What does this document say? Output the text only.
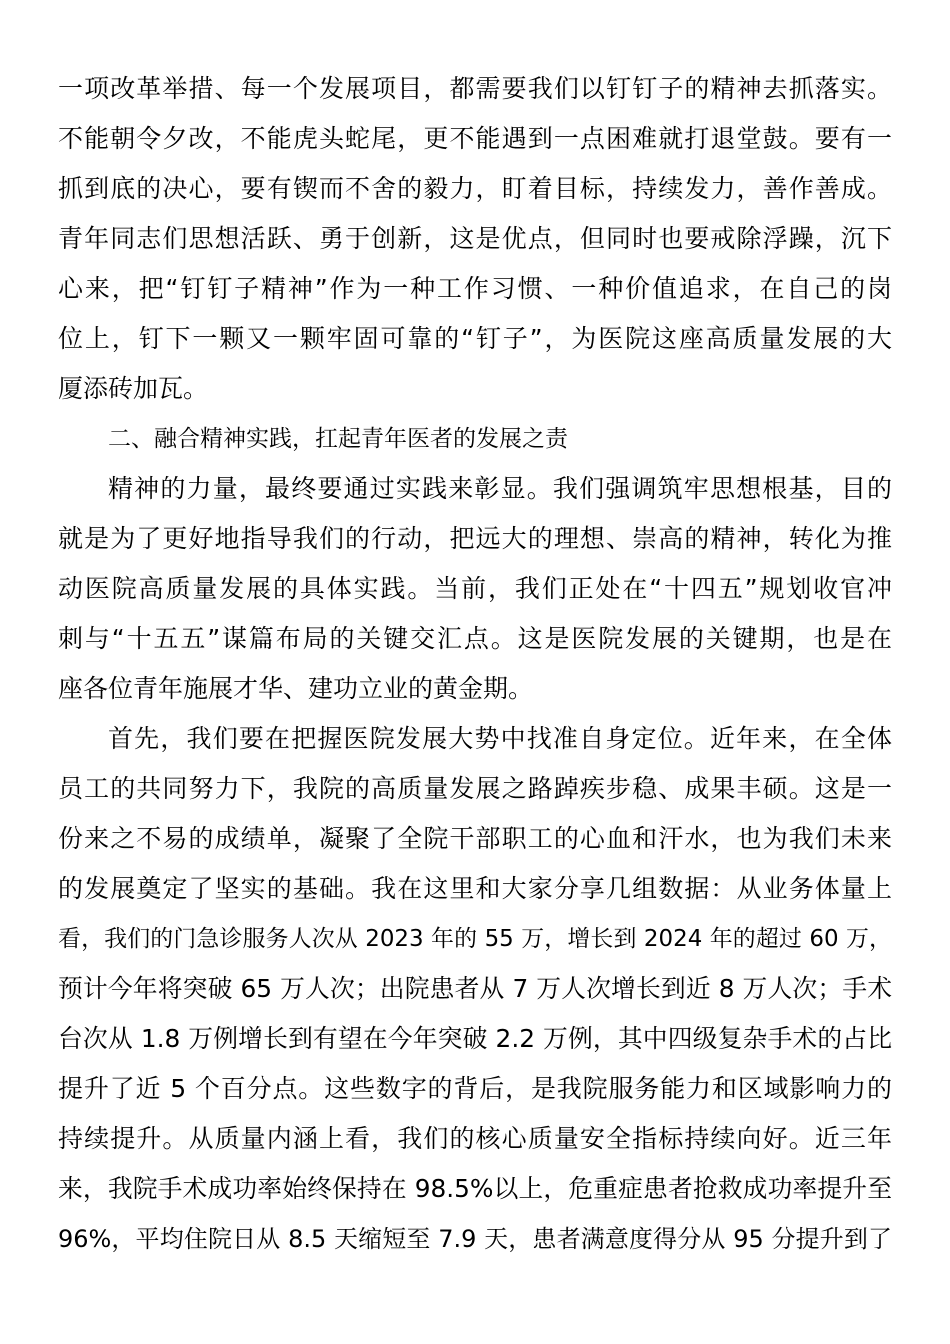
一项改革举措、每一个发展项目，都需要我们以钉钉子的精神去抓落实。
不能朝令夕改，不能虎头蛇尾，更不能遇到一点困难就打退堂鼓。要有一
抓到底的决心，要有锲而不舍的毅力，盯着目标，持续发力，善作善成。
青年同志们思想活跃、勇于创新，这是优点，但同时也要戒除浮躁，沉下
心来，把“钉钉子精神”作为一种工作习惯、一种价值追求，在自己的岗
位上，钉下一颗又一颗牢固可靠的“钉子”，为医院这座高质量发展的大
厦添砖加瓦。
二、融合精神实践，扛起青年医者的发展之责
精神的力量，最终要通过实践来彰显。我们强调筑牢思想根基，目的
就是为了更好地指导我们的行动，把远大的理想、崇高的精神，转化为推
动医院高质量发展的具体实践。当前，我们正处在“十四五”规划收官冲
刺与“十五五”谋篇布局的关键交汇点。这是医院发展的关键期，也是在
座各位青年施展才华、建功立业的黄金期。
首先，我们要在把握医院发展大势中找准自身定位。近年来，在全体
员工的共同努力下，我院的高质量发展之路踔疾步稳、成果丰硕。这是一
份来之不易的成绩单，凝聚了全院干部职工的心血和汗水，也为我们未来
的发展奠定了坚实的基础。我在这里和大家分享几组数据：从业务体量上
看，我们的门急诊服务人次从 2023 年的 55 万，增长到 2024 年的超过 60 万，
预计今年将突破 65 万人次；出院患者从 7 万人次增长到近 8 万人次；手术
台次从 1.8 万例增长到有望在今年突破 2.2 万例，其中四级复杂手术的占比
提升了近 5 个百分点。这些数字的背后，是我院服务能力和区域影响力的
持续提升。从质量内涵上看，我们的核心质量安全指标持续向好。近三年
来，我院手术成功率始终保持在 98.5%以上，危重症患者抢救成功率提升至
96%，平均住院日从 8.5 天缩短至 7.9 天，患者满意度得分从 95 分提升到了
